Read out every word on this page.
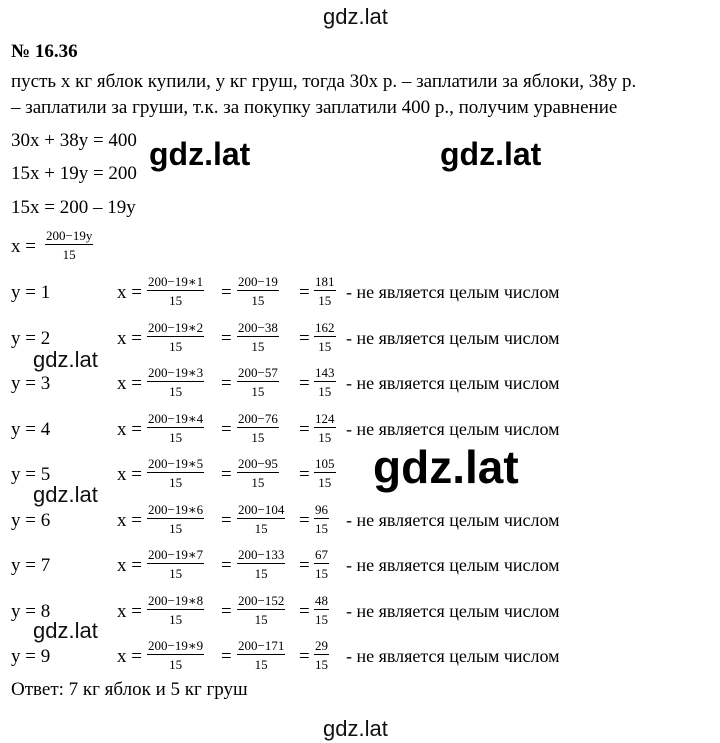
gdz.lat
№ 16.36
пусть х кг яблок купили, у кг груш, тогда 30х р. – заплатили за яблоки, 38у р.
– заплатили за груши, т.к. за покупку заплатили 400 р., получим уравнение
30х + 38у = 400
15х + 19у = 200
15х = 200 – 19у
gdz.lat	gdz.lat
х =
200−19у
15
у = 1	х =
200−19∗1
15 =
200−19
15 =
181
15 - не является целым числом
у = 2	х =
200−19∗2
15 =
200−38
15 =
162
15 - не является целым числом
у = 3	х =
200−19∗3
15 =
200−57
15 =
143
15 - не является целым числом
у = 4	х =
200−19∗4
15 =
200−76
15 =
124
15 - не является целым числом
у = 5	х =
200−19∗5
15 =
200−95
15 =
105
15
у = 6	х =
200−19∗6
15 =
200−104
15 =
96
15 - не является целым числом
у = 7	х =
200−19∗7
15 =
200−133
15 =
67
15 - не является целым числом
у = 8	х =
200−19∗8
15 =
200−152
15 =
48
15 - не является целым числом
у = 9	х =
200−19∗9
15 =
200−171
15 =
29
15 - не является целым числом
gdz.lat
gdz.lat
gdz.lat
gdz.lat
Ответ: 7 кг яблок и 5 кг груш
gdz.lat
